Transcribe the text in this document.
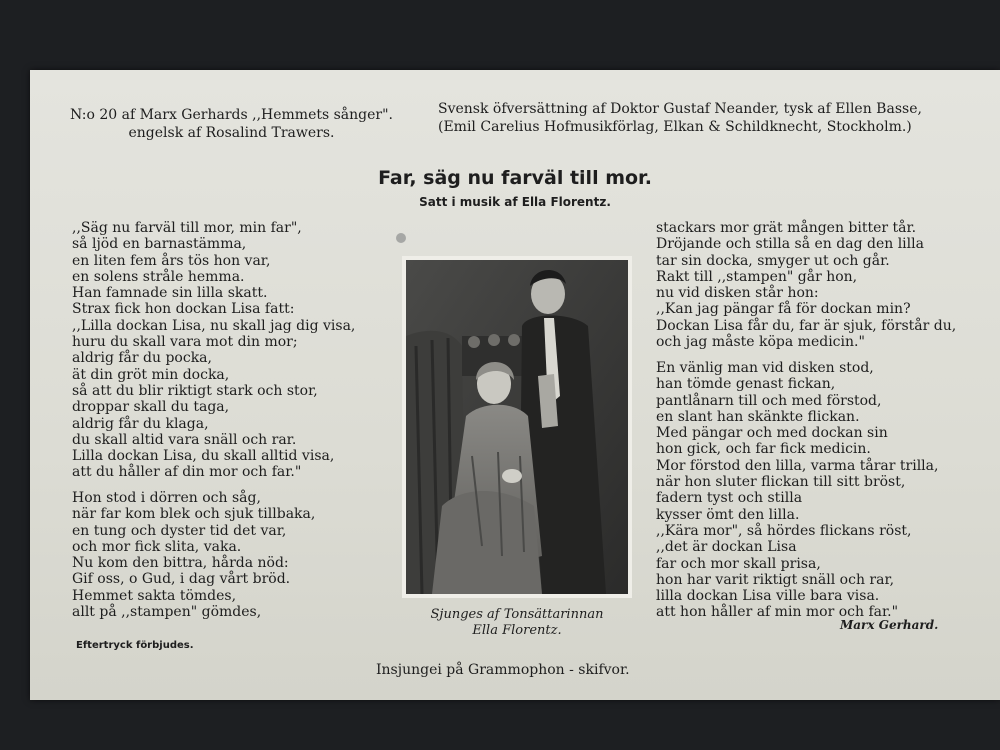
N:o 20 af Marx Gerhards ,,Hemmets sånger".
engelsk af Rosalind Trawers.
Svensk öfversättning af Doktor Gustaf Neander, tysk af Ellen Basse,
(Emil Carelius Hofmusikförlag, Elkan & Schildknecht, Stockholm.)
Far, säg nu farväl till mor.
Satt i musik af Ella Florentz.
,,Säg nu farväl till mor, min far",
så ljöd en barnastämma,
en liten fem års tös hon var,
en solens stråle hemma.
Han famnade sin lilla skatt.
Strax fick hon dockan Lisa fatt:
,,Lilla dockan Lisa, nu skall jag dig visa,
huru du skall vara mot din mor;
aldrig får du pocka,
ät din gröt min docka,
så att du blir riktigt stark och stor,
droppar skall du taga,
aldrig får du klaga,
du skall altid vara snäll och rar.
Lilla dockan Lisa, du skall alltid visa,
att du håller af din mor och far."
Hon stod i dörren och såg,
när far kom blek och sjuk tillbaka,
en tung och dyster tid det var,
och mor fick slita, vaka.
Nu kom den bittra, hårda nöd:
Gif oss, o Gud, i dag vårt bröd.
Hemmet sakta tömdes,
allt på ,,stampen" gömdes,
stackars mor grät mången bitter tår.
Dröjande och stilla så en dag den lilla
tar sin docka, smyger ut och går.
Rakt till ,,stampen" går hon,
nu vid disken står hon:
,,Kan jag pängar få för dockan min?
Dockan Lisa får du, far är sjuk, förstår du,
och jag måste köpa medicin."
En vänlig man vid disken stod,
han tömde genast fickan,
pantlånarn till och med förstod,
en slant han skänkte flickan.
Med pängar och med dockan sin
hon gick, och far fick medicin.
Mor förstod den lilla, varma tårar trilla,
när hon sluter flickan till sitt bröst,
fadern tyst och stilla
kysser ömt den lilla.
,,Kära mor", så hördes flickans röst,
,,det är dockan Lisa
far och mor skall prisa,
hon har varit riktigt snäll och rar,
lilla dockan Lisa ville bara visa.
att hon håller af min mor och far."
Sjunges af Tonsättarinnan
Ella Florentz.
Eftertryck förbjudes.
Marx Gerhard.
Insjungei på Grammophon - skifvor.
